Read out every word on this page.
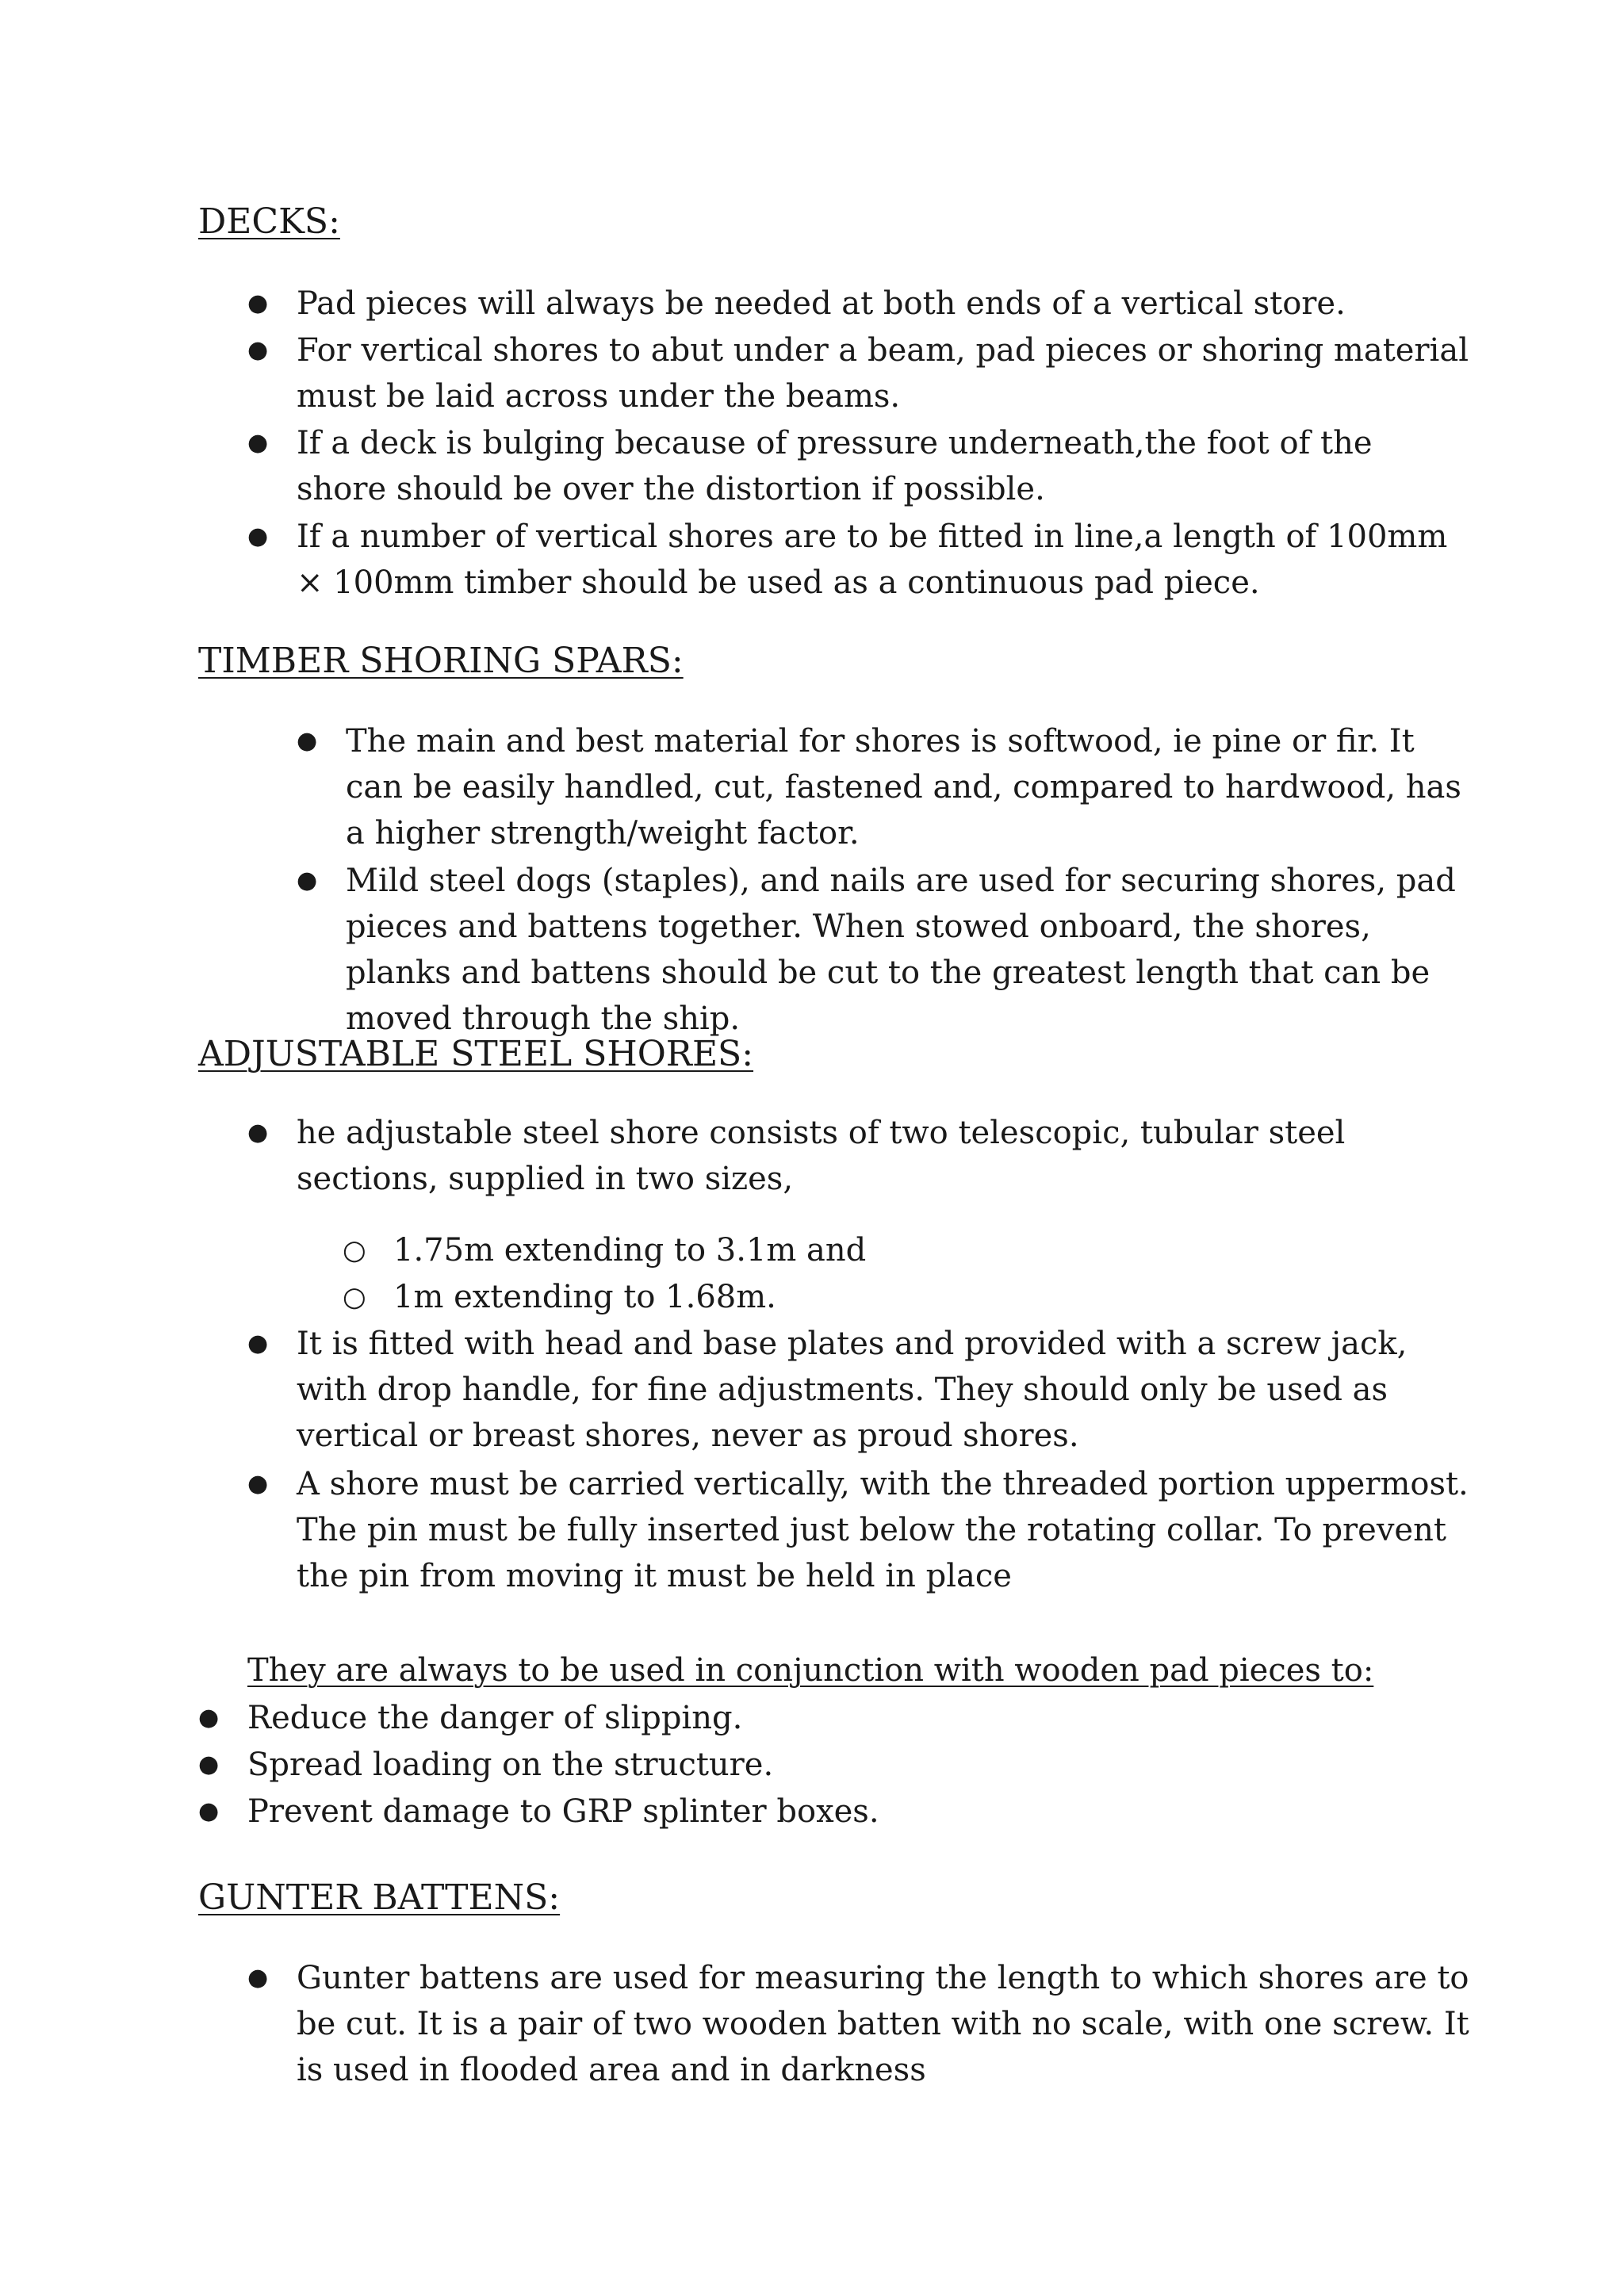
DECKS:
● Pad pieces will always be needed at both ends of a vertical store.

● For vertical shores to abut under a beam, pad pieces or shoring material must be laid across under the beams.

● If a deck is bulging because of pressure underneath,the foot of the shore should be over the distortion if possible.

● If a number of vertical shores are to be fitted in line,a length of 100mm × 100mm timber should be used as a continuous pad piece.

TIMBER SHORING SPARS:
● The main and best material for shores is softwood, ie pine or fir. It can be easily handled, cut, fastened and, compared to hardwood, has a higher strength/weight factor.

● Mild steel dogs (staples), and nails are used for securing shores, pad pieces and battens together. When stowed onboard, the shores, planks and battens should be cut to the greatest length that can be moved through the ship.

ADJUSTABLE STEEL SHORES:
● he adjustable steel shore consists of two telescopic, tubular steel sections, supplied in two sizes,

○ 1.75m extending to 3.1m and

○ 1m extending to 1.68m.

● It is fitted with head and base plates and provided with a screw jack, with drop handle, for fine adjustments. They should only be used as vertical or breast shores, never as proud shores.

● A shore must be carried vertically, with the threaded portion uppermost. The pin must be fully inserted just below the rotating collar. To prevent the pin from moving it must be held in place

They are always to be used in conjunction with wooden pad pieces to:

● Reduce the danger of slipping.

● Spread loading on the structure.

● Prevent damage to GRP splinter boxes.

GUNTER BATTENS:
● Gunter battens are used for measuring the length to which shores are to be cut. It is a pair of two wooden batten with no scale, with one screw. It is used in flooded area and in darkness
